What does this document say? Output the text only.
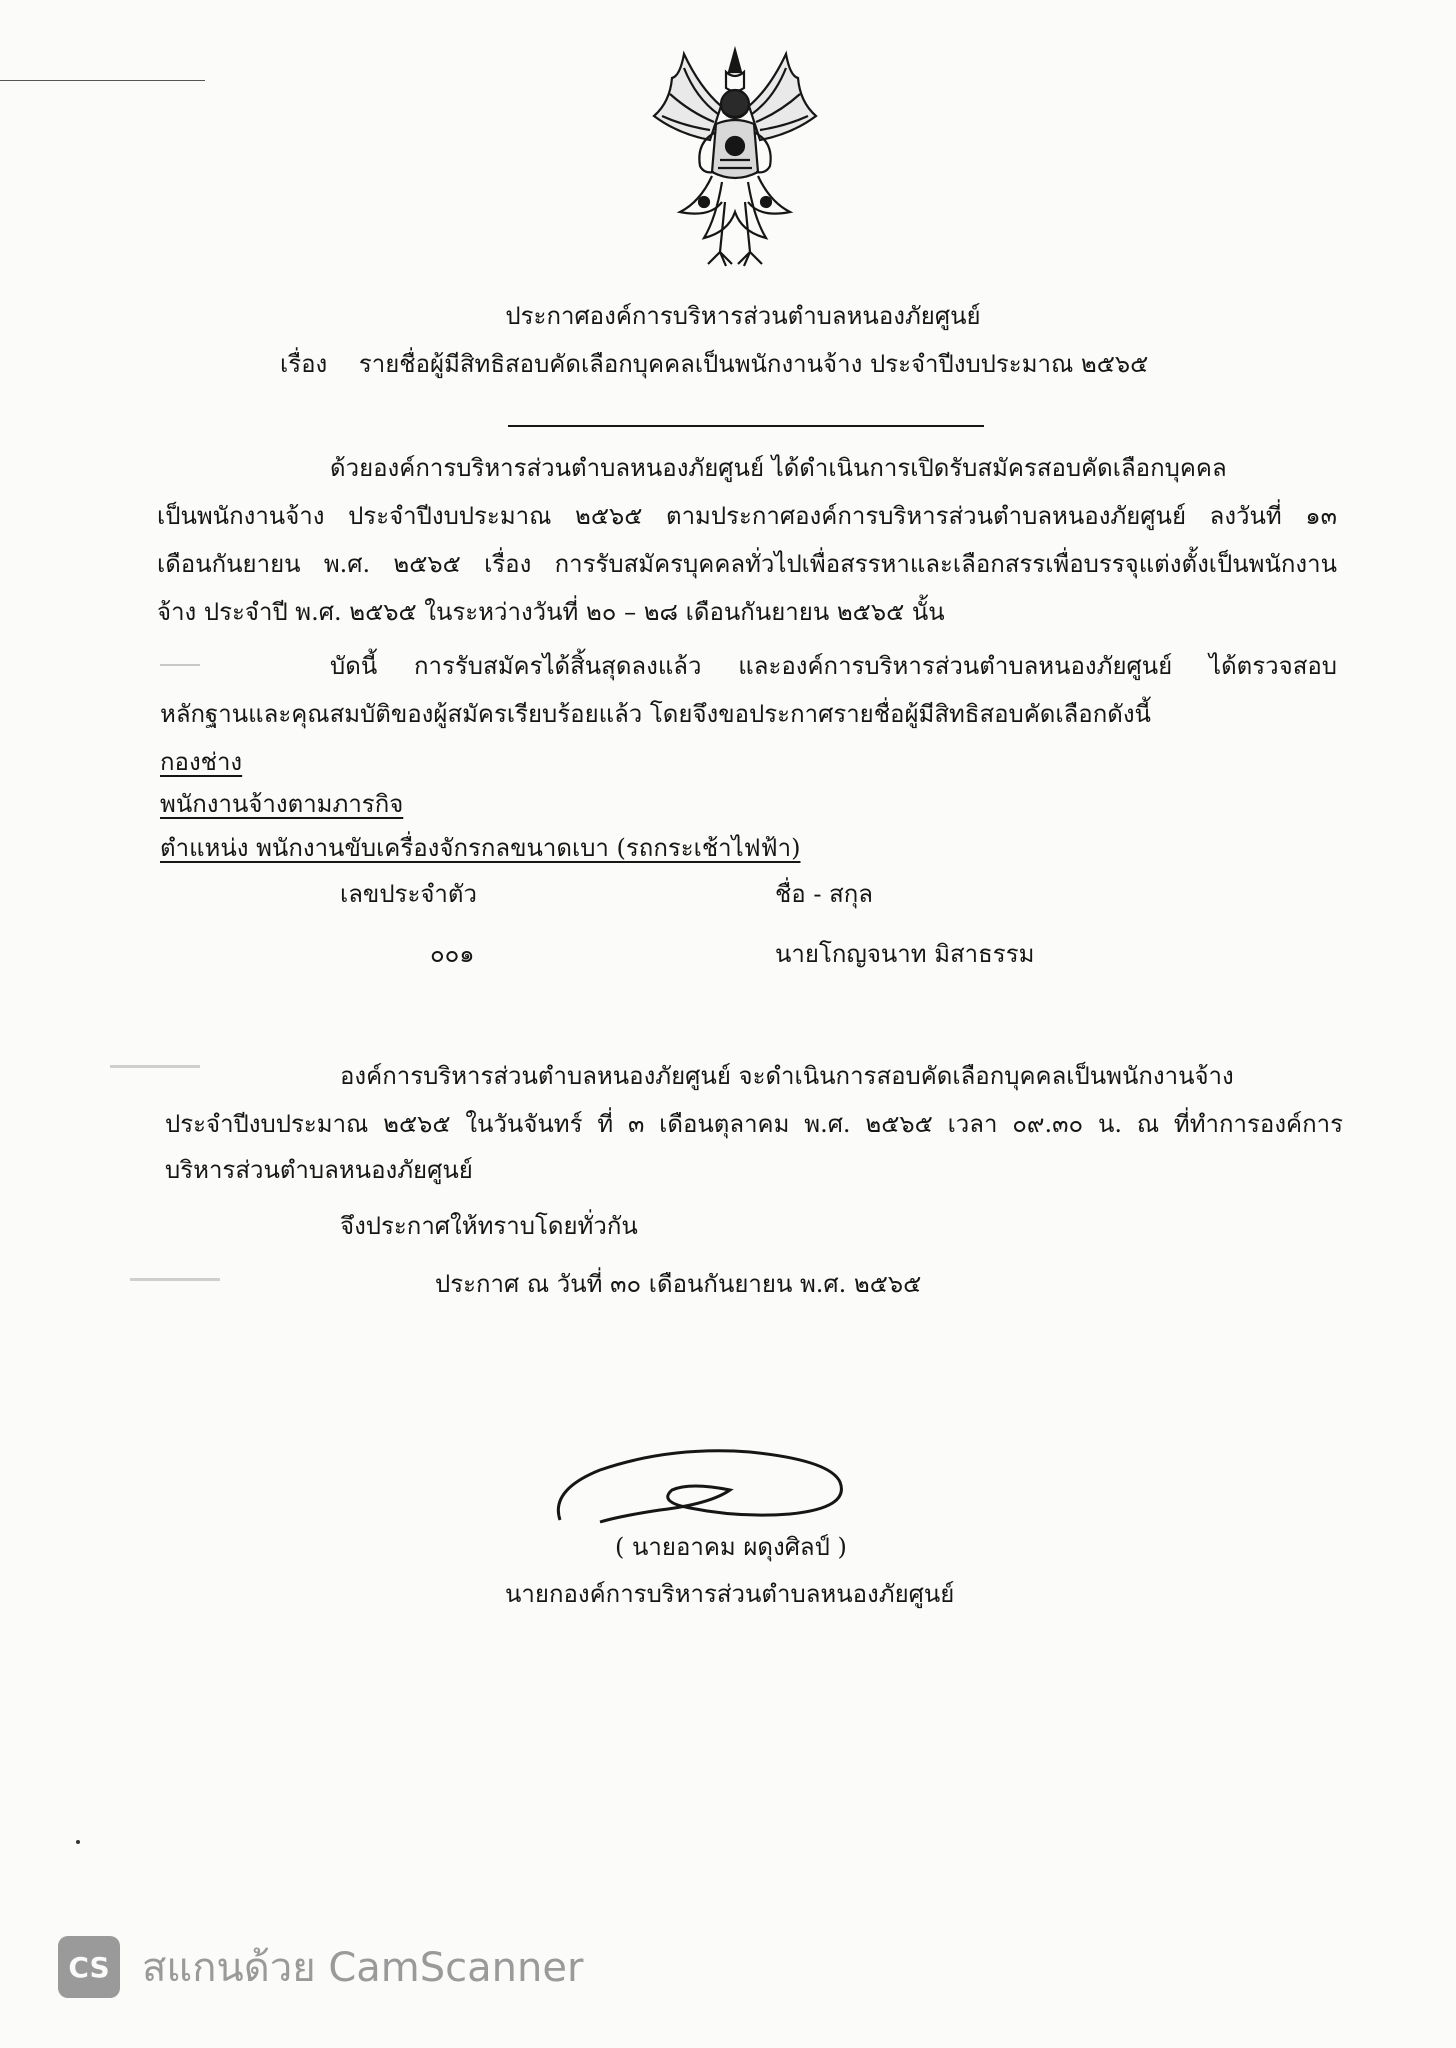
ประกาศองค์การบริหารส่วนตำบลหนองภัยศูนย์
เรื่อง รายชื่อผู้มีสิทธิสอบคัดเลือกบุคคลเป็นพนักงานจ้าง ประจำปีงบประมาณ ๒๕๖๕
ด้วยองค์การบริหารส่วนตำบลหนองภัยศูนย์ ได้ดำเนินการเปิดรับสมัครสอบคัดเลือกบุคคล
เป็นพนักงานจ้าง ประจำปีงบประมาณ ๒๕๖๕ ตามประกาศองค์การบริหารส่วนตำบลหนองภัยศูนย์ ลงวันที่ ๑๓
เดือนกันยายน พ.ศ. ๒๕๖๕ เรื่อง การรับสมัครบุคคลทั่วไปเพื่อสรรหาและเลือกสรรเพื่อบรรจุแต่งตั้งเป็นพนักงาน
จ้าง ประจำปี พ.ศ. ๒๕๖๕ ในระหว่างวันที่ ๒๐ – ๒๘ เดือนกันยายน ๒๕๖๕ นั้น
บัดนี้ การรับสมัครได้สิ้นสุดลงแล้ว และองค์การบริหารส่วนตำบลหนองภัยศูนย์ ได้ตรวจสอบ
หลักฐานและคุณสมบัติของผู้สมัครเรียบร้อยแล้ว โดยจึงขอประกาศรายชื่อผู้มีสิทธิสอบคัดเลือกดังนี้
กองช่าง
พนักงานจ้างตามภารกิจ
ตำแหน่ง พนักงานขับเครื่องจักรกลขนาดเบา (รถกระเช้าไฟฟ้า)
เลขประจำตัว	ชื่อ - สกุล
๐๐๑	นายโกญจนาท มิสาธรรม
องค์การบริหารส่วนตำบลหนองภัยศูนย์ จะดำเนินการสอบคัดเลือกบุคคลเป็นพนักงานจ้าง
ประจำปีงบประมาณ ๒๕๖๕ ในวันจันทร์ ที่ ๓ เดือนตุลาคม พ.ศ. ๒๕๖๕ เวลา ๐๙.๓๐ น. ณ ที่ทำการองค์การ
บริหารส่วนตำบลหนองภัยศูนย์
จึงประกาศให้ทราบโดยทั่วกัน
ประกาศ ณ วันที่ ๓๐ เดือนกันยายน พ.ศ. ๒๕๖๕
( นายอาคม ผดุงศิลป์ )
นายกองค์การบริหารส่วนตำบลหนองภัยศูนย์
CS สแกนด้วย CamScanner
